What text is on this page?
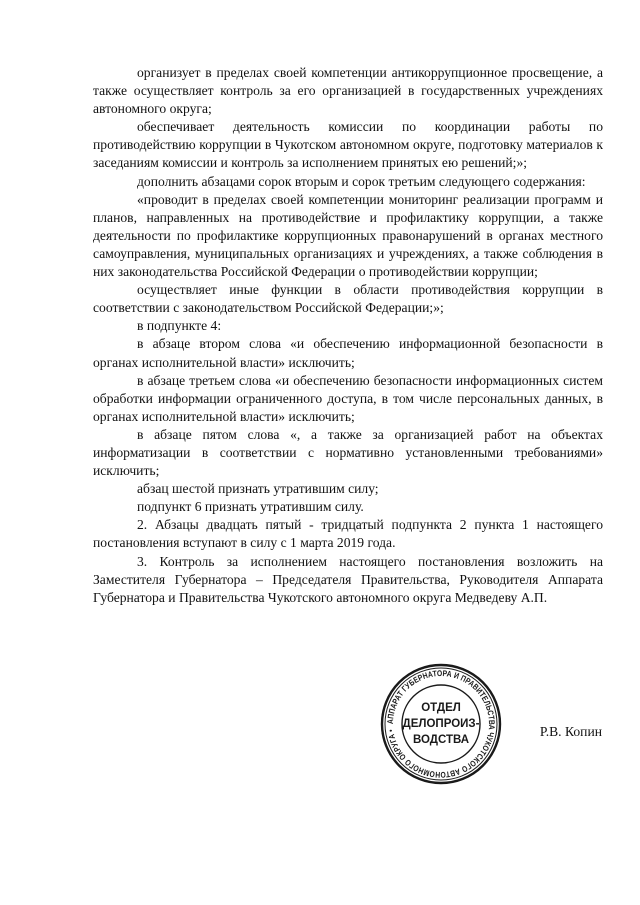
организует в пределах своей компетенции антикоррупционное просвещение, а также осуществляет контроль за его организацией в государственных учреждениях автономного округа;

обеспечивает деятельность комиссии по координации работы по противодействию коррупции в Чукотском автономном округе, подготовку материалов к заседаниям комиссии и контроль за исполнением принятых ею решений;»;

дополнить абзацами сорок вторым и сорок третьим следующего содержания:

«проводит в пределах своей компетенции мониторинг реализации программ и планов, направленных на противодействие и профилактику коррупции, а также деятельности по профилактике коррупционных правонарушений в органах местного самоуправления, муниципальных организациях и учреждениях, а также соблюдения в них законодательства Российской Федерации о противодействии коррупции;

осуществляет иные функции в области противодействия коррупции в соответствии с законодательством Российской Федерации;»;

в подпункте 4:

в абзаце втором слова «и обеспечению информационной безопасности в органах исполнительной власти» исключить;

в абзаце третьем слова «и обеспечению безопасности информационных систем обработки информации ограниченного доступа, в том числе персональных данных, в органах исполнительной власти» исключить;

в абзаце пятом слова «, а также за организацией работ на объектах информатизации в соответствии с нормативно установленными требованиями» исключить;

абзац шестой признать утратившим силу;

подпункт 6 признать утратившим силу.

2. Абзацы двадцать пятый - тридцатый подпункта 2 пункта 1 настоящего постановления вступают в силу с 1 марта 2019 года.

3. Контроль за исполнением настоящего постановления возложить на Заместителя Губернатора – Председателя Правительства, Руководителя Аппарата Губернатора и Правительства Чукотского автономного округа Медведеву А.П.

АППАРАТ ГУБЕРНАТОРА И ПРАВИТЕЛЬСТВА ЧУКОТСКОГО АВТОНОМНОГО ОКРУГА •
ОТДЕЛ
ДЕЛОПРОИЗ-
ВОДСТВА
Р.В. Копин
